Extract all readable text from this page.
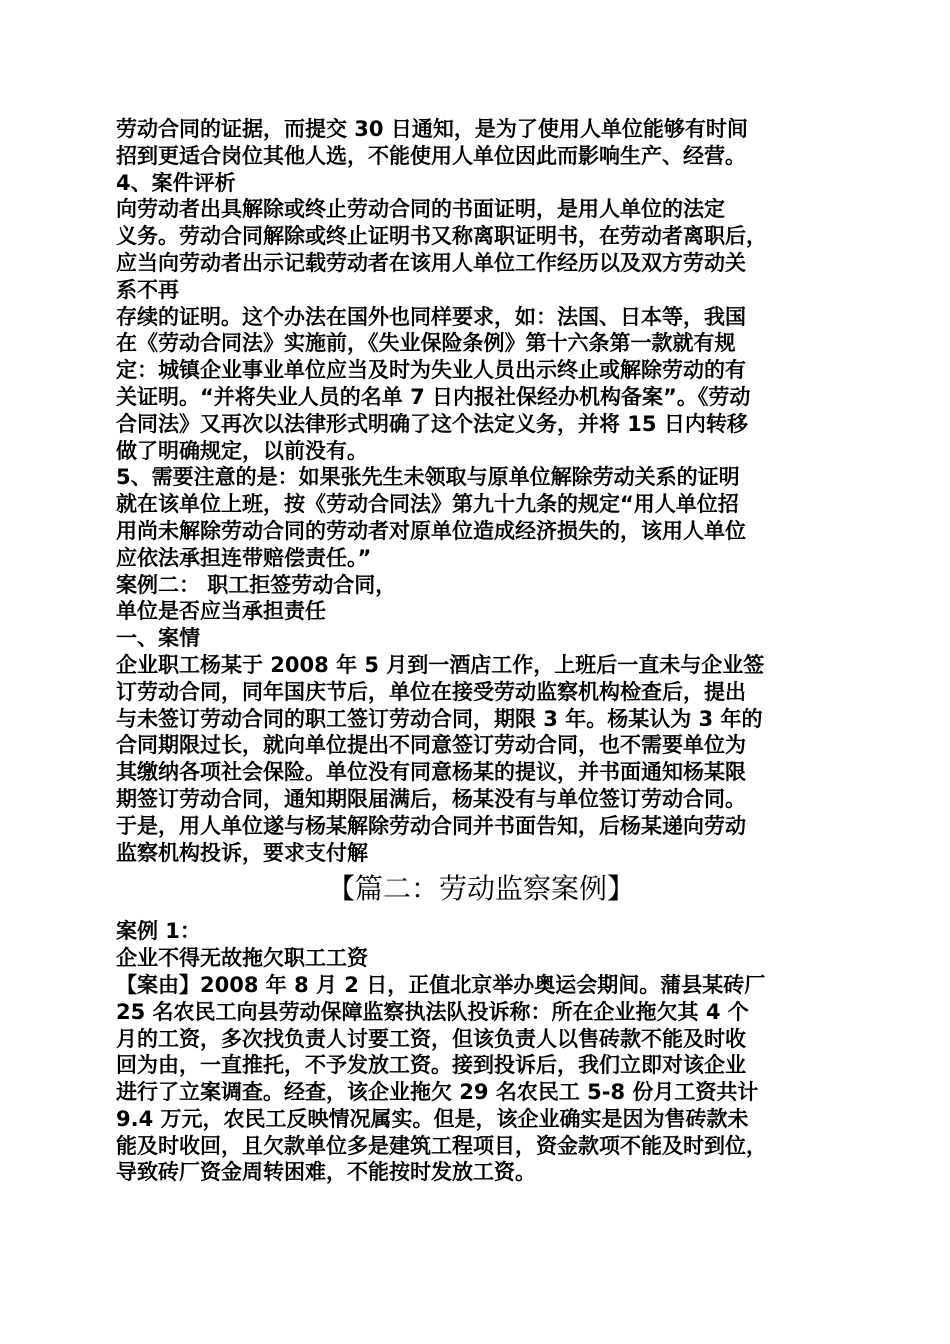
劳动合同的证据，而提交 30 日通知，是为了使用人单位能够有时间
招到更适合岗位其他人选，不能使用人单位因此而影响生产、经营。
4、案件评析
向劳动者出具解除或终止劳动合同的书面证明，是用人单位的法定
义务。劳动合同解除或终止证明书又称离职证明书，在劳动者离职后，
应当向劳动者出示记载劳动者在该用人单位工作经历以及双方劳动关
系不再
存续的证明。这个办法在国外也同样要求，如：法国、日本等，我国
在《劳动合同法》实施前，《失业保险条例》第十六条第一款就有规
定：城镇企业事业单位应当及时为失业人员出示终止或解除劳动的有
关证明。“并将失业人员的名单 7 日内报社保经办机构备案”。《劳动
合同法》又再次以法律形式明确了这个法定义务，并将 15 日内转移
做了明确规定，以前没有。
5、需要注意的是：如果张先生未领取与原单位解除劳动关系的证明
就在该单位上班，按《劳动合同法》第九十九条的规定“用人单位招
用尚未解除劳动合同的劳动者对原单位造成经济损失的，该用人单位
应依法承担连带赔偿责任。”
案例二： 职工拒签劳动合同，
单位是否应当承担责任
一、案情
企业职工杨某于 2008 年 5 月到一酒店工作，上班后一直未与企业签
订劳动合同，同年国庆节后，单位在接受劳动监察机构检查后，提出
与未签订劳动合同的职工签订劳动合同，期限 3 年。杨某认为 3 年的
合同期限过长，就向单位提出不同意签订劳动合同，也不需要单位为
其缴纳各项社会保险。单位没有同意杨某的提议，并书面通知杨某限
期签订劳动合同，通知期限届满后，杨某没有与单位签订劳动合同。
于是，用人单位遂与杨某解除劳动合同并书面告知，后杨某递向劳动
监察机构投诉，要求支付解
【篇二：劳动监察案例】
案例 1：
企业不得无故拖欠职工工资
【案由】2008 年 8 月 2 日，正值北京举办奥运会期间。蒲县某砖厂
25 名农民工向县劳动保障监察执法队投诉称：所在企业拖欠其 4 个
月的工资，多次找负责人讨要工资，但该负责人以售砖款不能及时收
回为由，一直推托，不予发放工资。接到投诉后，我们立即对该企业
进行了立案调查。经查，该企业拖欠 29 名农民工 5-8 份月工资共计
9.4 万元，农民工反映情况属实。但是，该企业确实是因为售砖款未
能及时收回，且欠款单位多是建筑工程项目，资金款项不能及时到位，
导致砖厂资金周转困难，不能按时发放工资。
